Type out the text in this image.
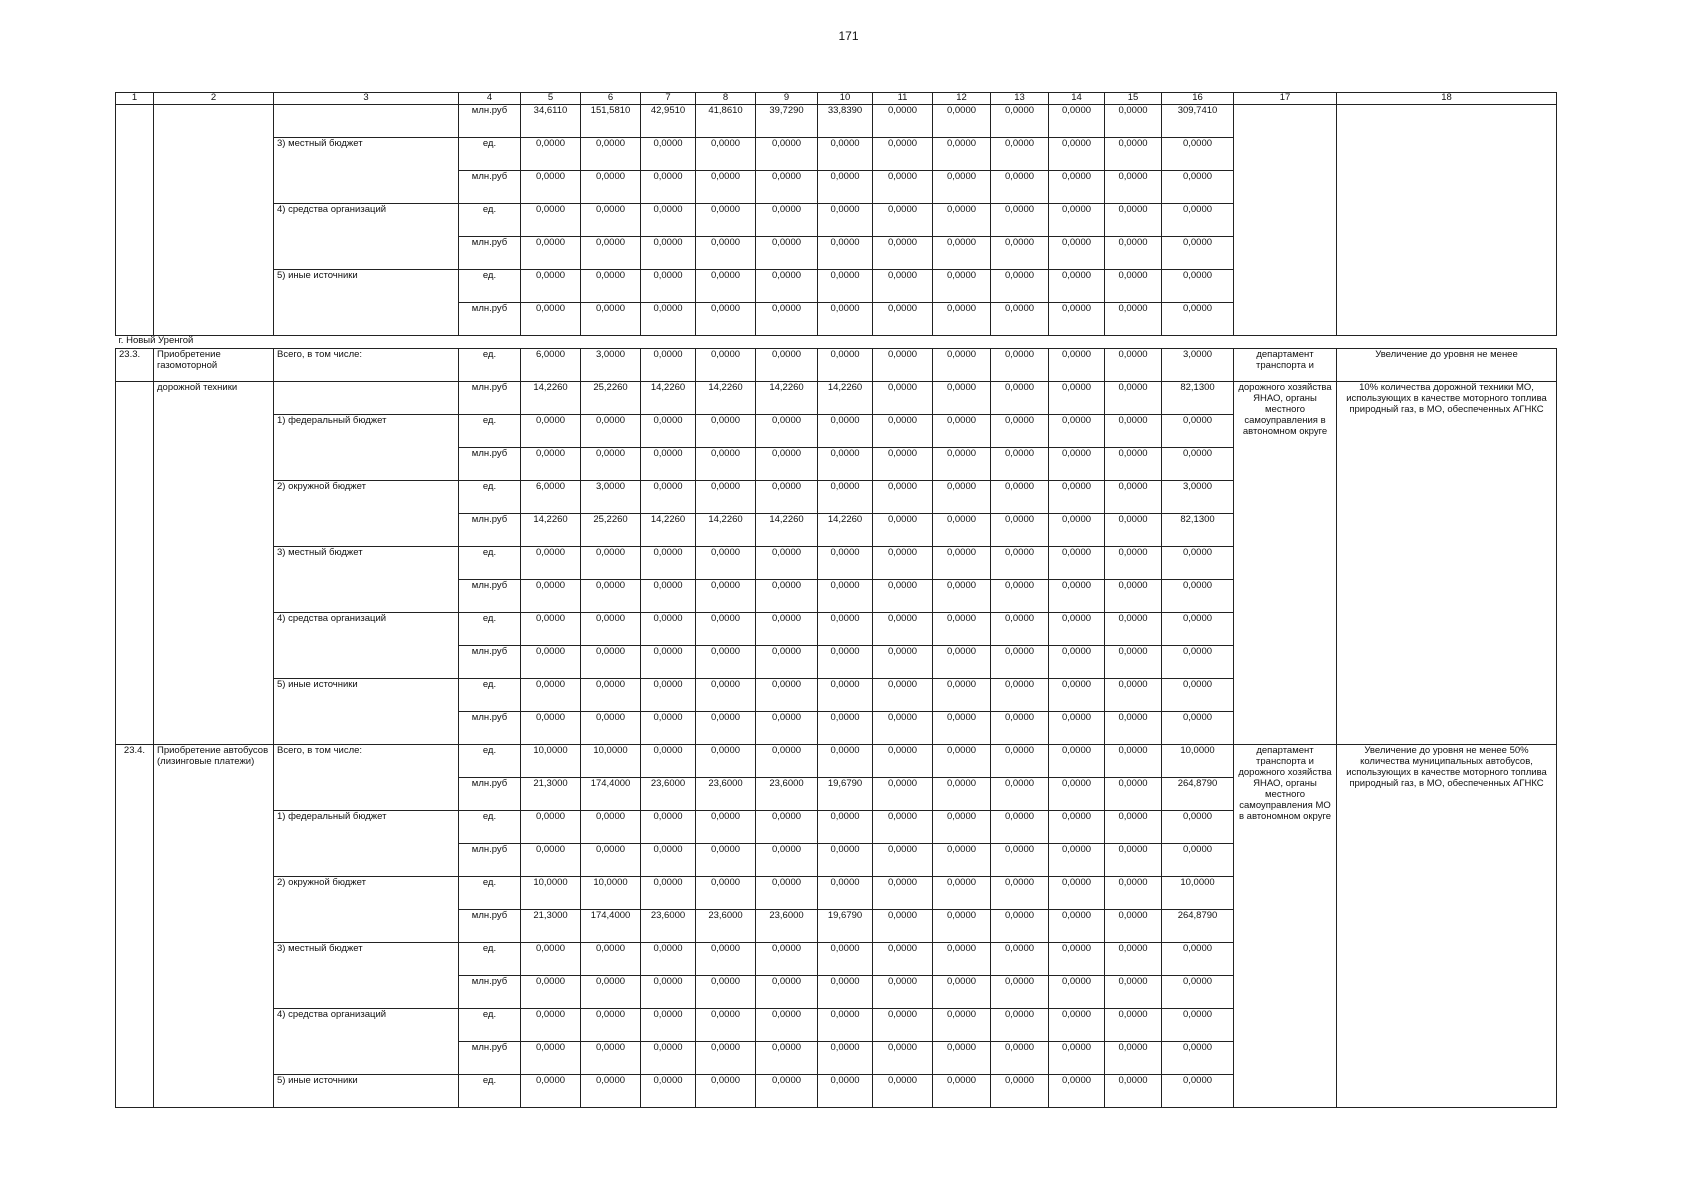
171
1	2	3	4	5	6	7	8	9	10	11	12	13	14	15	16	17	18
			млн.руб	34,6110	151,5810	42,9510	41,8610	39,7290	33,8390	0,0000	0,0000	0,0000	0,0000	0,0000	309,7410		
		3) местный бюджет	ед.	0,0000	0,0000	0,0000	0,0000	0,0000	0,0000	0,0000	0,0000	0,0000	0,0000	0,0000	0,0000		
			млн.руб	0,0000	0,0000	0,0000	0,0000	0,0000	0,0000	0,0000	0,0000	0,0000	0,0000	0,0000	0,0000		
		4) средства организаций	ед.	0,0000	0,0000	0,0000	0,0000	0,0000	0,0000	0,0000	0,0000	0,0000	0,0000	0,0000	0,0000		
			млн.руб	0,0000	0,0000	0,0000	0,0000	0,0000	0,0000	0,0000	0,0000	0,0000	0,0000	0,0000	0,0000		
		5) иные источники	ед.	0,0000	0,0000	0,0000	0,0000	0,0000	0,0000	0,0000	0,0000	0,0000	0,0000	0,0000	0,0000		
			млн.руб	0,0000	0,0000	0,0000	0,0000	0,0000	0,0000	0,0000	0,0000	0,0000	0,0000	0,0000	0,0000		
г. Новый Уренгой																	
23.3.	Приобретение газомоторной	Всего, в том числе:	ед.	6,0000	3,0000	0,0000	0,0000	0,0000	0,0000	0,0000	0,0000	0,0000	0,0000	0,0000	3,0000	департамент транспорта и	Увеличение до уровня не менее
	дорожной техники		млн.руб	14,2260	25,2260	14,2260	14,2260	14,2260	14,2260	0,0000	0,0000	0,0000	0,0000	0,0000	82,1300	дорожного хозяйства ЯНАО, органы местного самоуправления в автономном округе	10% количества дорожной техники МО, использующих в качестве моторного топлива природный газ, в МО, обеспеченных АГНКС
		1) федеральный бюджет	ед.	0,0000	0,0000	0,0000	0,0000	0,0000	0,0000	0,0000	0,0000	0,0000	0,0000	0,0000	0,0000		
			млн.руб	0,0000	0,0000	0,0000	0,0000	0,0000	0,0000	0,0000	0,0000	0,0000	0,0000	0,0000	0,0000		
		2) окружной бюджет	ед.	6,0000	3,0000	0,0000	0,0000	0,0000	0,0000	0,0000	0,0000	0,0000	0,0000	0,0000	3,0000		
			млн.руб	14,2260	25,2260	14,2260	14,2260	14,2260	14,2260	0,0000	0,0000	0,0000	0,0000	0,0000	82,1300		
		3) местный бюджет	ед.	0,0000	0,0000	0,0000	0,0000	0,0000	0,0000	0,0000	0,0000	0,0000	0,0000	0,0000	0,0000		
			млн.руб	0,0000	0,0000	0,0000	0,0000	0,0000	0,0000	0,0000	0,0000	0,0000	0,0000	0,0000	0,0000		
		4) средства организаций	ед.	0,0000	0,0000	0,0000	0,0000	0,0000	0,0000	0,0000	0,0000	0,0000	0,0000	0,0000	0,0000		
			млн.руб	0,0000	0,0000	0,0000	0,0000	0,0000	0,0000	0,0000	0,0000	0,0000	0,0000	0,0000	0,0000		
		5) иные источники	ед.	0,0000	0,0000	0,0000	0,0000	0,0000	0,0000	0,0000	0,0000	0,0000	0,0000	0,0000	0,0000		
			млн.руб	0,0000	0,0000	0,0000	0,0000	0,0000	0,0000	0,0000	0,0000	0,0000	0,0000	0,0000	0,0000		
23.4.	Приобретение автобусов (лизинговые платежи)	Всего, в том числе:	ед.	10,0000	10,0000	0,0000	0,0000	0,0000	0,0000	0,0000	0,0000	0,0000	0,0000	0,0000	10,0000	департамент транспорта и дорожного хозяйства ЯНАО, органы местного самоуправления МО в автономном округе	Увеличение до уровня не менее 50% количества муниципальных автобусов, использующих в качестве моторного топлива природный газ, в МО, обеспеченных АГНКС
			млн.руб	21,3000	174,4000	23,6000	23,6000	23,6000	19,6790	0,0000	0,0000	0,0000	0,0000	0,0000	264,8790		
		1) федеральный бюджет	ед.	0,0000	0,0000	0,0000	0,0000	0,0000	0,0000	0,0000	0,0000	0,0000	0,0000	0,0000	0,0000		
			млн.руб	0,0000	0,0000	0,0000	0,0000	0,0000	0,0000	0,0000	0,0000	0,0000	0,0000	0,0000	0,0000		
		2) окружной бюджет	ед.	10,0000	10,0000	0,0000	0,0000	0,0000	0,0000	0,0000	0,0000	0,0000	0,0000	0,0000	10,0000		
			млн.руб	21,3000	174,4000	23,6000	23,6000	23,6000	19,6790	0,0000	0,0000	0,0000	0,0000	0,0000	264,8790		
		3) местный бюджет	ед.	0,0000	0,0000	0,0000	0,0000	0,0000	0,0000	0,0000	0,0000	0,0000	0,0000	0,0000	0,0000		
			млн.руб	0,0000	0,0000	0,0000	0,0000	0,0000	0,0000	0,0000	0,0000	0,0000	0,0000	0,0000	0,0000		
		4) средства организаций	ед.	0,0000	0,0000	0,0000	0,0000	0,0000	0,0000	0,0000	0,0000	0,0000	0,0000	0,0000	0,0000		
			млн.руб	0,0000	0,0000	0,0000	0,0000	0,0000	0,0000	0,0000	0,0000	0,0000	0,0000	0,0000	0,0000		
		5) иные источники	ед.	0,0000	0,0000	0,0000	0,0000	0,0000	0,0000	0,0000	0,0000	0,0000	0,0000	0,0000	0,0000		
